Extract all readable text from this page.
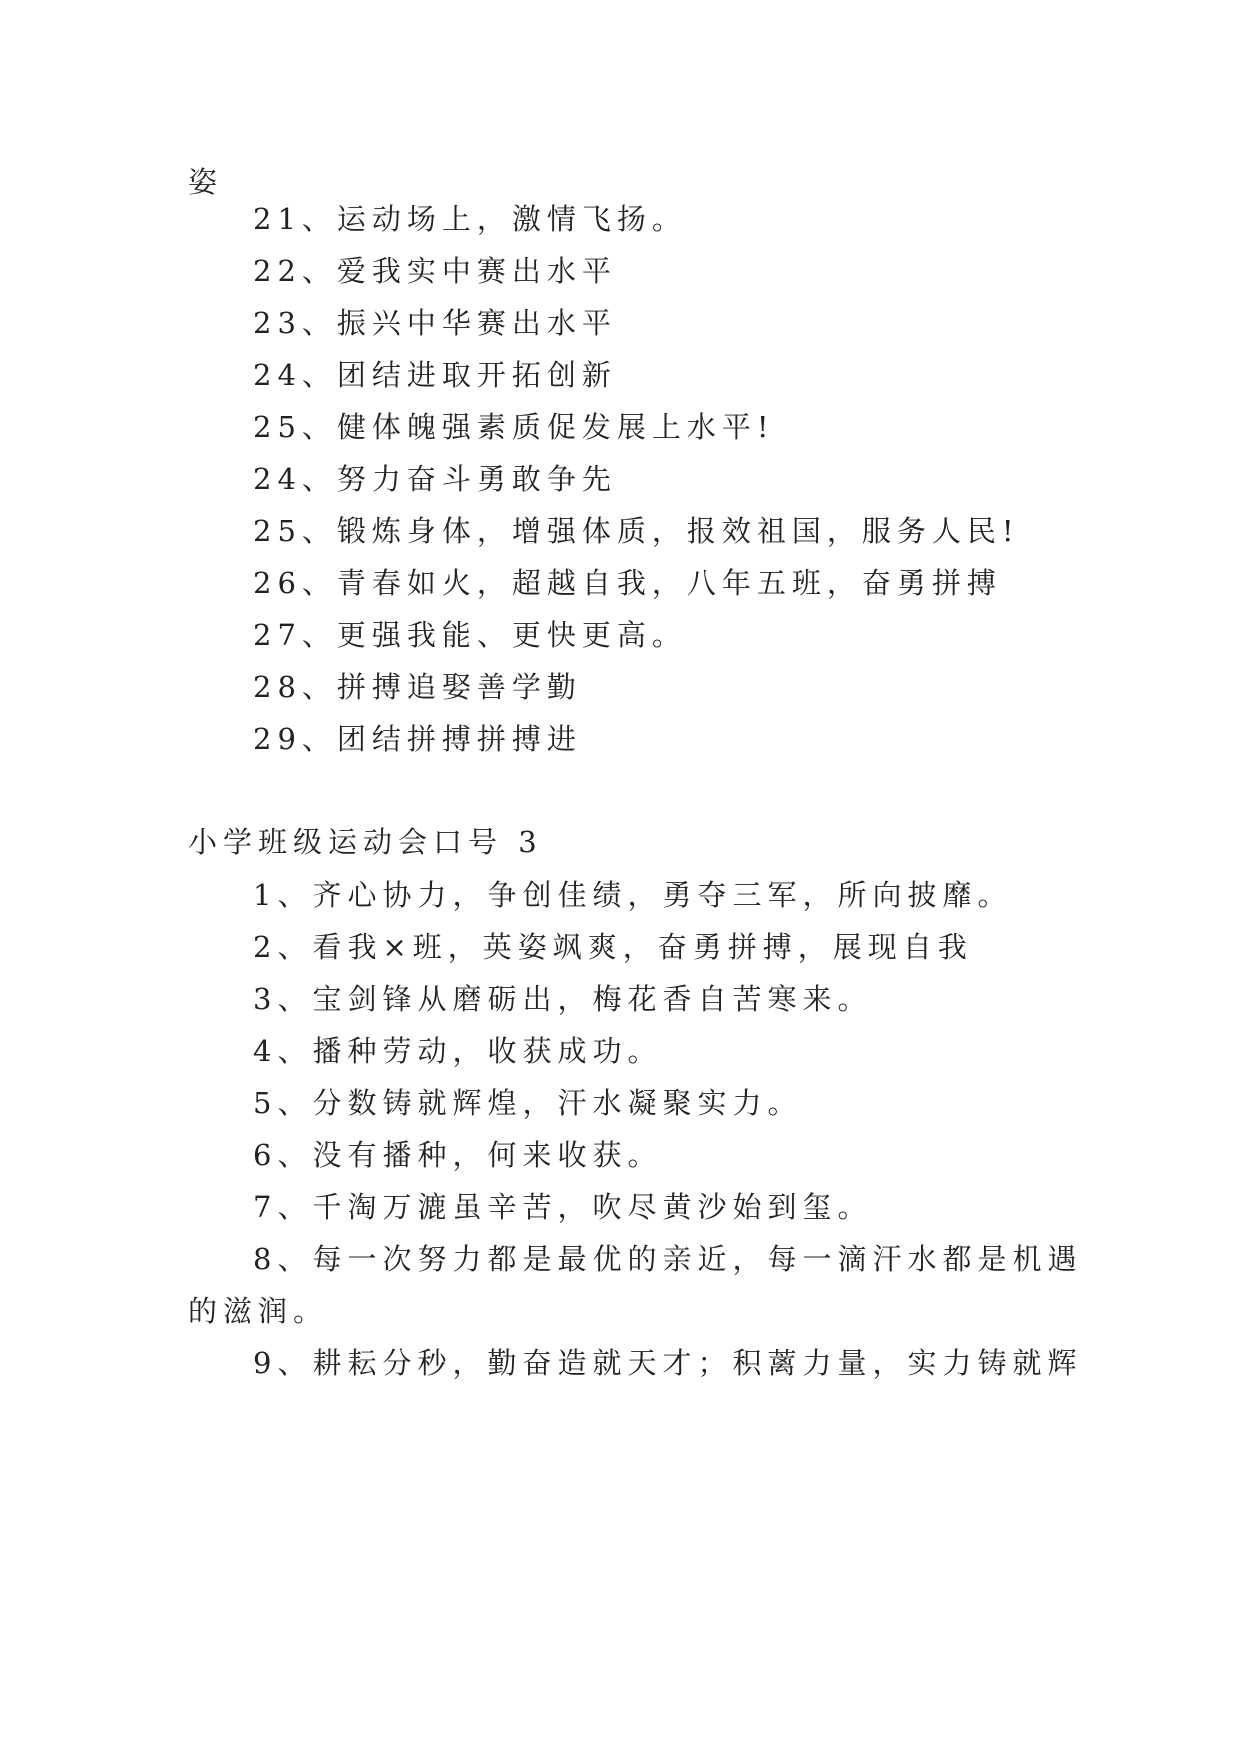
姿
21、运动场上，激情飞扬。
22、爱我实中赛出水平
23、振兴中华赛出水平
24、团结进取开拓创新
25、健体魄强素质促发展上水平!
24、努力奋斗勇敢争先
25、锻炼身体，增强体质，报效祖国，服务人民!
26、青春如火，超越自我，八年五班，奋勇拼搏
27、更强我能、更快更高。
28、拼搏追娶善学勤
29、团结拼搏拼搏进
小学班级运动会口号 3
1、齐心协力，争创佳绩，勇夺三军，所向披靡。
2、看我×班，英姿飒爽，奋勇拼搏，展现自我
3、宝剑锋从磨砺出，梅花香自苦寒来。
4、播种劳动，收获成功。
5、分数铸就辉煌，汗水凝聚实力。
6、没有播种，何来收获。
7、千淘万漉虽辛苦，吹尽黄沙始到玺。
8、每一次努力都是最优的亲近，每一滴汗水都是机遇
的滋润。
9、耕耘分秒，勤奋造就天才；积蓠力量，实力铸就辉
